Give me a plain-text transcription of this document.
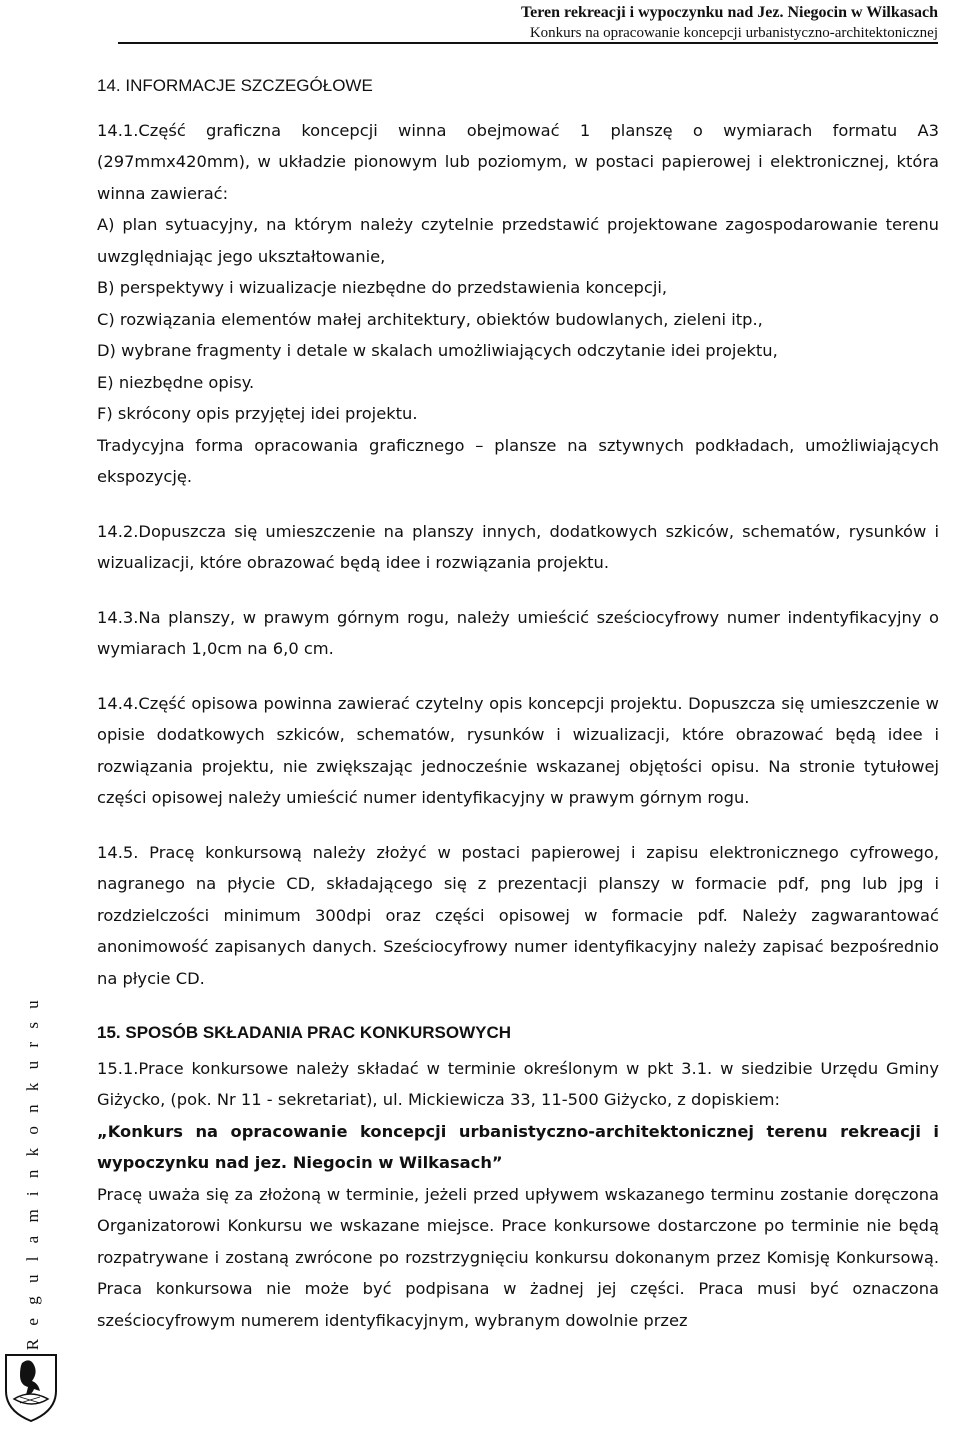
Teren rekreacji i wypoczynku nad Jez. Niegocin w Wilkasach
Konkurs na opracowanie koncepcji urbanistyczno-architektonicznej
R e g u l a m i n k o n k u r s u
14. INFORMACJE SZCZEGÓŁOWE

14.1.Część graficzna koncepcji winna obejmować 1 planszę o wymiarach formatu A3 (297mmx420mm), w układzie pionowym lub poziomym, w postaci papierowej i elektronicznej, która winna zawierać:

A) plan sytuacyjny, na którym należy czytelnie przedstawić projektowane zagospodarowanie terenu uwzględniając jego ukształtowanie,

B) perspektywy i wizualizacje niezbędne do przedstawienia koncepcji,

C) rozwiązania elementów małej architektury, obiektów budowlanych, zieleni itp.,

D) wybrane fragmenty i detale w skalach umożliwiających odczytanie idei projektu,

E) niezbędne opisy.

F) skrócony opis przyjętej idei projektu.

Tradycyjna forma opracowania graficznego – plansze na sztywnych podkładach, umożliwiających ekspozycję.

14.2.Dopuszcza się umieszczenie na planszy innych, dodatkowych szkiców, schematów, rysunków i wizualizacji, które obrazować będą idee i rozwiązania projektu.

14.3.Na planszy, w prawym górnym rogu, należy umieścić sześciocyfrowy numer indentyfikacyjny o wymiarach 1,0cm na 6,0 cm.

14.4.Część opisowa powinna zawierać czytelny opis koncepcji projektu. Dopuszcza się umieszczenie w opisie dodatkowych szkiców, schematów, rysunków i wizualizacji, które obrazować będą idee i rozwiązania projektu, nie zwiększając jednocześnie wskazanej objętości opisu. Na stronie tytułowej części opisowej należy umieścić numer identyfikacyjny w prawym górnym rogu.

14.5. Pracę konkursową należy złożyć w postaci papierowej i zapisu elektronicznego cyfrowego, nagranego na płycie CD, składającego się z prezentacji planszy w formacie pdf, png lub jpg i rozdzielczości minimum 300dpi oraz części opisowej w formacie pdf. Należy zagwarantować anonimowość zapisanych danych. Sześciocyfrowy numer identyfikacyjny należy zapisać bezpośrednio na płycie CD.

15. SPOSÓB SKŁADANIA PRAC KONKURSOWYCH

15.1.Prace konkursowe należy składać w terminie określonym w pkt 3.1. w siedzibie Urzędu Gminy Giżycko, (pok. Nr 11 - sekretariat), ul. Mickiewicza 33, 11-500 Giżycko, z dopiskiem:

„Konkurs na opracowanie koncepcji urbanistyczno-architektonicznej terenu rekreacji i wypoczynku nad jez. Niegocin w Wilkasach”

Pracę uważa się za złożoną w terminie, jeżeli przed upływem wskazanego terminu zostanie doręczona Organizatorowi Konkursu we wskazane miejsce. Prace konkursowe dostarczone po terminie nie będą rozpatrywane i zostaną zwrócone po rozstrzygnięciu konkursu dokonanym przez Komisję Konkursową. Praca konkursowa nie może być podpisana w żadnej jej części. Praca musi być oznaczona sześciocyfrowym numerem identyfikacyjnym, wybranym dowolnie przez
